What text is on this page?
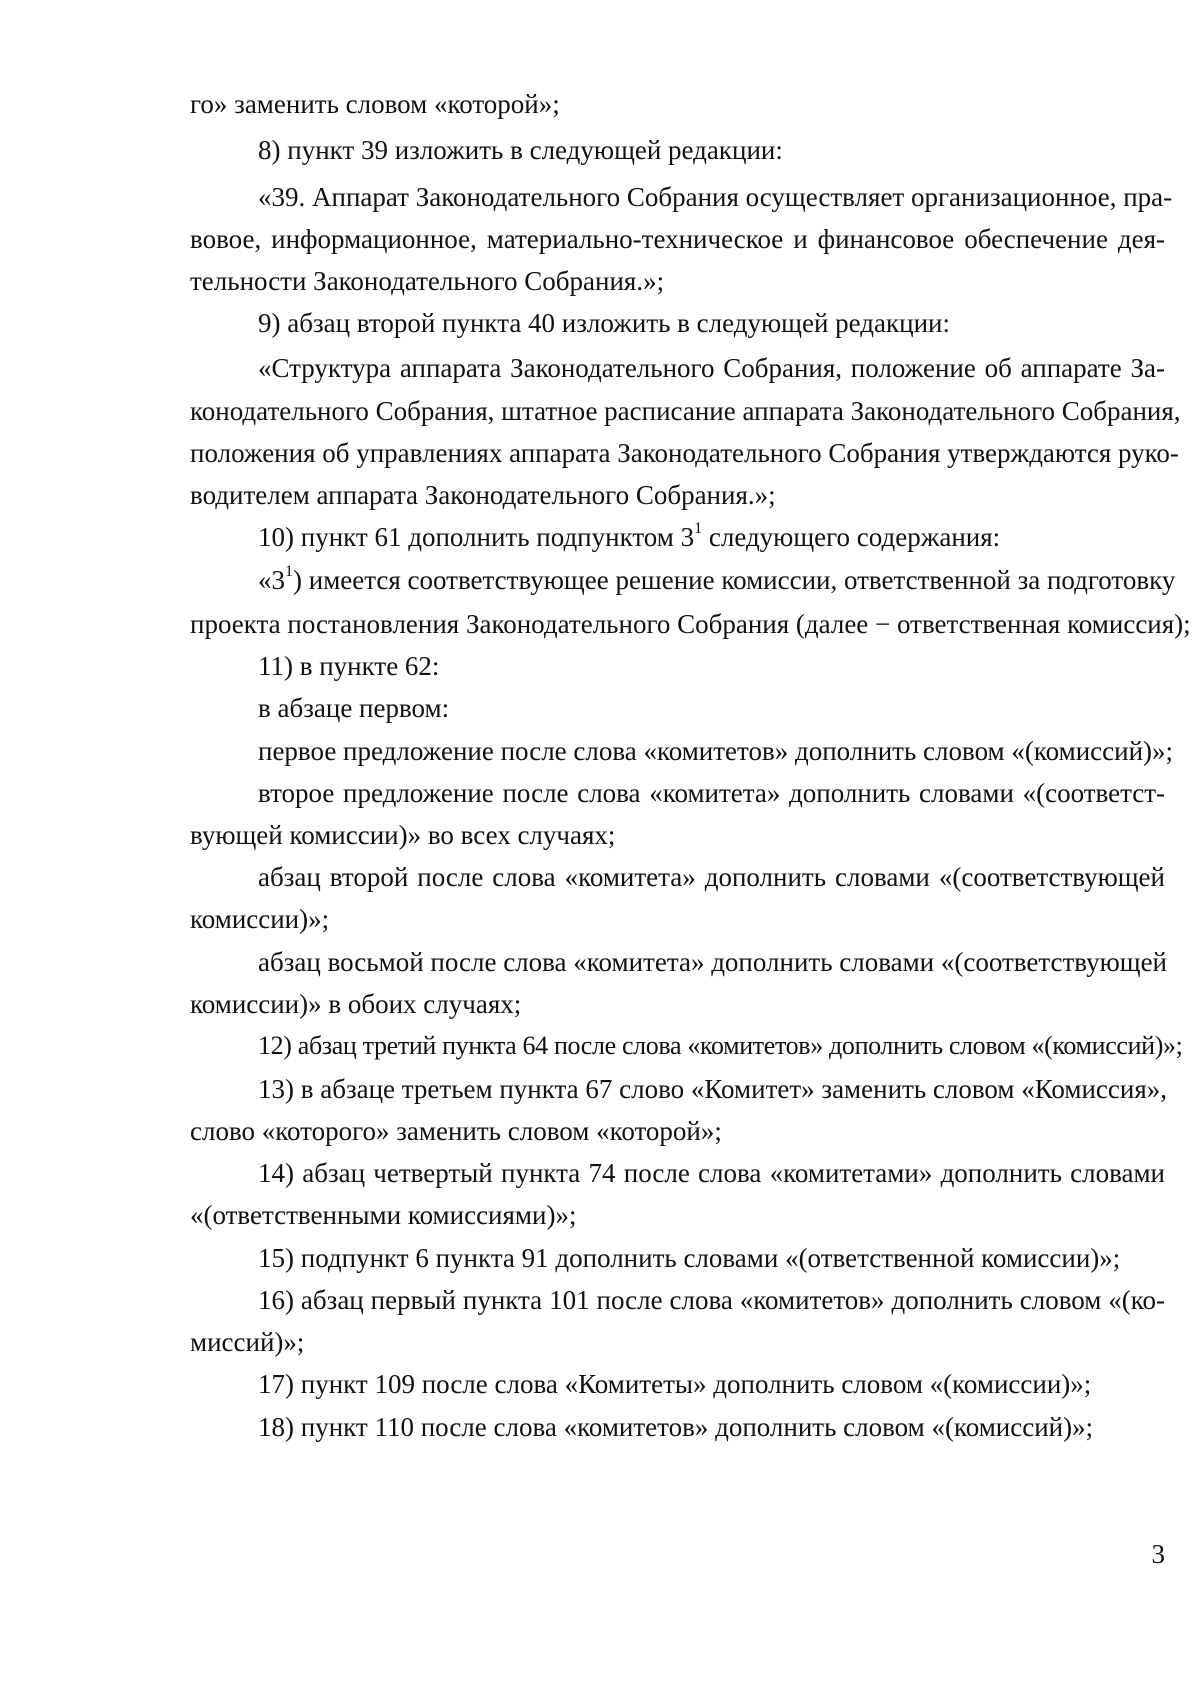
го» заменить словом «которой»;
8) пункт 39 изложить в следующей редакции:
«39. Аппарат Законодательного Собрания осуществляет организационное, пра-
вовое, информационное, материально-техническое и финансовое обеспечение дея-
тельности Законодательного Собрания.»;
9) абзац второй пункта 40 изложить в следующей редакции:
«Структура аппарата Законодательного Собрания, положение об аппарате За-
конодательного Собрания, штатное расписание аппарата Законодательного Собрания,
положения об управлениях аппарата Законодательного Собрания утверждаются руко-
водителем аппарата Законодательного Собрания.»;
10) пункт 61 дополнить подпунктом $3^1$ следующего содержания:
«$3^1$) имеется соответствующее решение комиссии, ответственной за подготовку
проекта постановления Законодательного Собрания (далее − ответственная комиссия);
11) в пункте 62:
в абзаце первом:
первое предложение после слова «комитетов» дополнить словом «(комиссий)»;
второе предложение после слова «комитета» дополнить словами «(соответст-
вующей комиссии)» во всех случаях;
абзац второй после слова «комитета» дополнить словами «(соответствующей
комиссии)»;
абзац восьмой после слова «комитета» дополнить словами «(соответствующей
комиссии)» в обоих случаях;
12) абзац третий пункта 64 после слова «комитетов» дополнить словом «(комиссий)»;
13) в абзаце третьем пункта 67 слово «Комитет» заменить словом «Комиссия»,
слово «которого» заменить словом «которой»;
14) абзац четвертый пункта 74 после слова «комитетами» дополнить словами
«(ответственными комиссиями)»;
15) подпункт 6 пункта 91 дополнить словами «(ответственной комиссии)»;
16) абзац первый пункта 101 после слова «комитетов» дополнить словом «(ко-
миссий)»;
17) пункт 109 после слова «Комитеты» дополнить словом «(комиссии)»;
18) пункт 110 после слова «комитетов» дополнить словом «(комиссий)»;
3
